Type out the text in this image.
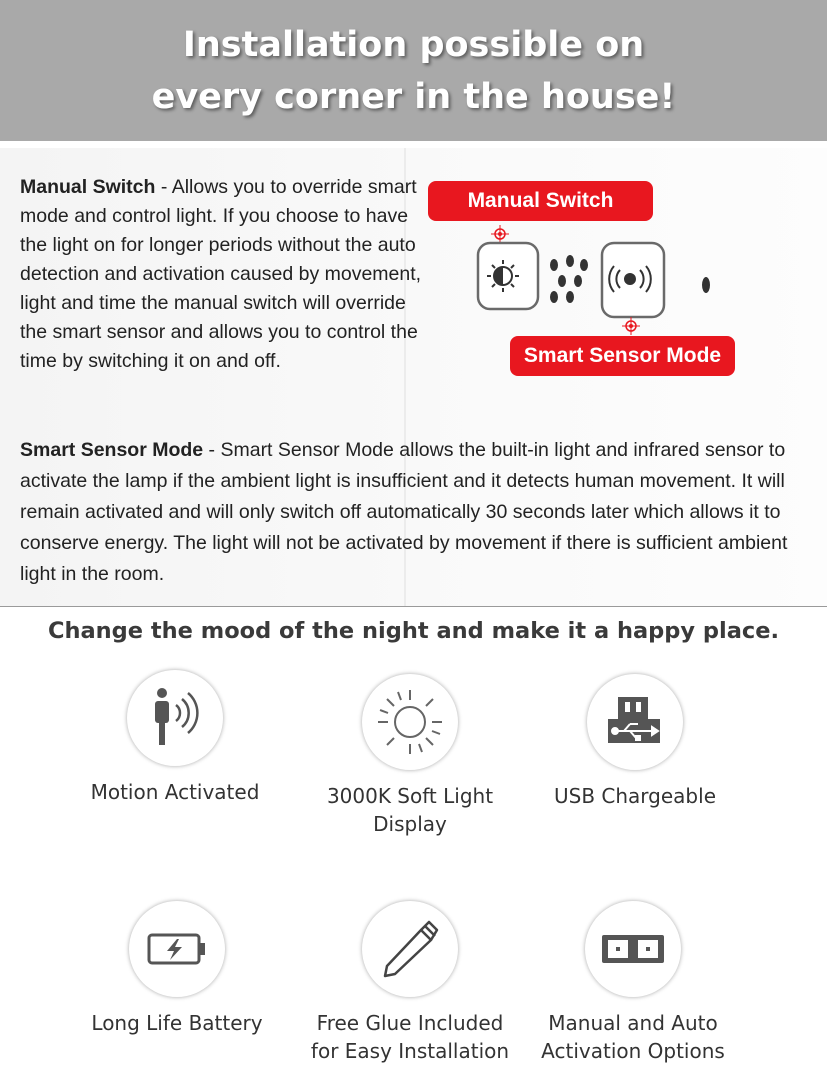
Installation possible on
every corner in the house!
Manual Switch - Allows you to override smart mode and control light. If you choose to have the light on for longer periods without the auto detection and activation caused by movement, light and time the manual switch will override the smart sensor and allows you to control the time by switching it on and off.
Manual Switch
Smart Sensor Mode
Smart Sensor Mode - Smart Sensor Mode allows the built-in light and infrared sensor to activate the lamp if the ambient light is insufficient and it detects human movement. It will remain activated and will only switch off automatically 30 seconds later which allows it to conserve energy. The light will not be activated by movement if there is sufficient ambient light in the room.
Change the mood of the night and make it a happy place.
Motion Activated	3000K Soft Light Display
USB Chargeable
Long Life Battery	Free Glue Included for Easy Installation
Manual and Auto Activation Options
